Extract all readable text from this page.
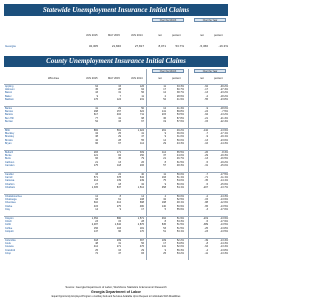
Statewide Unemployment Insurance Initial Claims
Over the Month	Over the Year
JUN 2015	MAY 2015	JUN 2014	net	percent	net	percent
Georgia	32,305	21,846	27,817	8,071	53.7%	-5,366	-16.3%
County Unemployment Insurance Initial Claims
Over the Month	Over the Year
WIA Area	JUN 2015	MAY 2015	JUN 2014	net	percent	net	percent
Appling	64	33	126	11	33.3%	-62	-49.2%
Atkinson	45	28	62	17	60.7%	-17	-27.4%
Bacon	43	31	56	12	38.7%	-13	-23.2%
Baker	9	7	11	2	28.6%	-2	-18.2%
Baldwin	176	124	231	52	41.9%	-55	-23.8%
Banks	41	29	50	12	41.4%	-9	-18.0%
Barrow	298	157	322	141	89.8%	-24	-7.5%
Bartow	617	402	711	215	53.5%	-94	-13.2%
Ben Hill	77	41	98	36	87.8%	-21	-21.4%
Berrien	52	33	67	19	57.6%	-15	-22.4%
Bibb	882	591	1,024	291	49.2%	-142	-13.9%
Bleckley	34	25	41	9	36.0%	-7	-17.1%
Brantley	38	29	47	9	31.0%	-9	-19.1%
Brooks	42	28	55	14	50.0%	-13	-23.6%
Bryan	96	67	112	29	43.3%	-16	-14.3%
Bulloch	283	171	309	112	65.5%	-26	-8.4%
Burke	121	84	150	37	44.0%	-29	-19.3%
Butts	66	45	79	21	46.7%	-13	-16.5%
Calhoun	21	13	26	8	61.5%	-5	-19.2%
Camden	175	118	206	57	48.3%	-31	-15.0%
Candler	33	22	40	11	50.0%	-7	-17.5%
Carroll	571	378	642	193	51.1%	-71	-11.1%
Catoosa	214	139	249	75	54.0%	-35	-14.1%
Charlton	27	18	32	9	50.0%	-5	-15.6%
Chatham	1,305	847	1,512	458	54.1%	-207	-13.7%
Chattahoochee	12	8	14	4	50.0%	-2	-14.3%
Chattooga	93	61	108	32	52.5%	-15	-13.9%
Cherokee	610	412	698	198	48.1%	-88	-12.6%
Clarke	415	275	480	140	50.9%	-65	-13.5%
Clay	14	9	17	5	55.6%	-3	-17.6%
Clayton	1,352	890	1,571	462	51.9%	-219	-13.9%
Clinch	23	15	28	8	53.3%	-5	-17.9%
Cobb	2,487	1,642	2,876	845	51.5%	-389	-13.5%
Coffee	156	103	181	53	51.5%	-25	-13.8%
Colquitt	147	96	170	51	53.1%	-23	-13.5%
Columbia	318	209	367	109	52.2%	-49	-13.4%
Cook	48	31	56	17	54.8%	-8	-14.3%
Coweta	412	271	476	141	52.0%	-64	-13.4%
Crawford	25	16	29	9	56.3%	-4	-13.8%
Crisp	72	47	83	25	53.2%	-11	-13.3%
Source: Georgia Department of Labor, Workforce Statistics & Economic Research
Georgia Department of Labor
Equal Opportunity Employer/Program • Auxiliary Aids and Services Available Upon Request to Individuals With Disabilities
